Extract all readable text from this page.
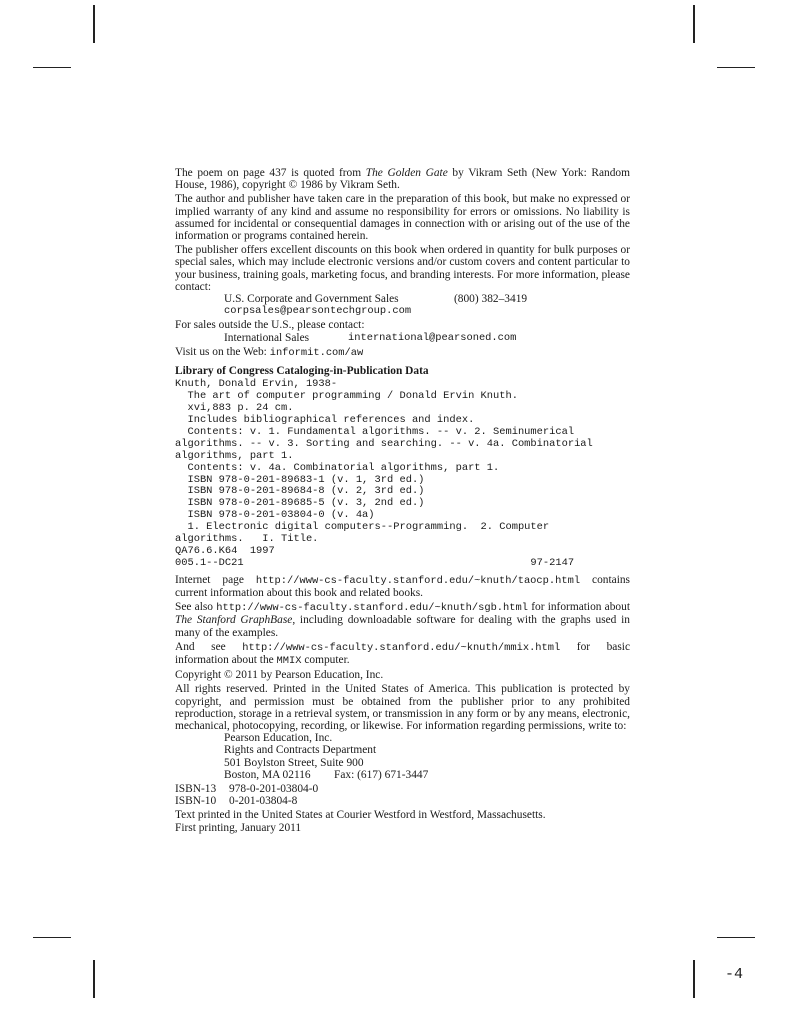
The poem on page 437 is quoted from The Golden Gate by Vikram Seth (New York: Random House, 1986), copyright © 1986 by Vikram Seth.

The author and publisher have taken care in the preparation of this book, but make no expressed or implied warranty of any kind and assume no responsibility for errors or omissions. No liability is assumed for incidental or consequential damages in connection with or arising out of the use of the information or programs contained herein.

The publisher offers excellent discounts on this book when ordered in quantity for bulk purposes or special sales, which may include electronic versions and/or custom covers and content particular to your business, training goals, marketing focus, and branding interests. For more information, please contact:

U.S. Corporate and Government Sales	(800) 382–3419
corpsales@pearsontechgroup.com
For sales outside the U.S., please contact:
International Sales	international@pearsoned.com
Visit us on the Web: informit.com/aw

Library of Congress Cataloging-in-Publication Data

Knuth, Donald Ervin, 1938-
The art of computer programming / Donald Ervin Knuth.
xvi,883 p. 24 cm.
Includes bibliographical references and index.
Contents: v. 1. Fundamental algorithms. -- v. 2. Seminumerical
algorithms. -- v. 3. Sorting and searching. -- v. 4a. Combinatorial
algorithms, part 1.
Contents: v. 4a. Combinatorial algorithms, part 1.
ISBN 978-0-201-89683-1 (v. 1, 3rd ed.)
ISBN 978-0-201-89684-8 (v. 2, 3rd ed.)
ISBN 978-0-201-89685-5 (v. 3, 2nd ed.)
ISBN 978-0-201-03804-0 (v. 4a)
1. Electronic digital computers--Programming.  2. Computer
algorithms.   I. Title.
QA76.6.K64  1997
005.1--DC21                                              97-2147

Internet page http://www-cs-faculty.stanford.edu/~knuth/taocp.html contains current information about this book and related books.

See also http://www-cs-faculty.stanford.edu/~knuth/sgb.html for information about The Stanford GraphBase, including downloadable software for dealing with the graphs used in many of the examples.

And see http://www-cs-faculty.stanford.edu/~knuth/mmix.html for basic information about the MMIX computer.

Copyright © 2011 by Pearson Education, Inc.

All rights reserved. Printed in the United States of America. This publication is protected by copyright, and permission must be obtained from the publisher prior to any prohibited reproduction, storage in a retrieval system, or transmission in any form or by any means, electronic, mechanical, photocopying, recording, or likewise. For information regarding permissions, write to:

Pearson Education, Inc.
Rights and Contracts Department
501 Boylston Street, Suite 900
Boston, MA 02116	Fax: (617) 671-3447
ISBN-13	978-0-201-03804-0
ISBN-10	0-201-03804-8
Text printed in the United States at Courier Westford in Westford, Massachusetts.
First printing, January 2011
-4
